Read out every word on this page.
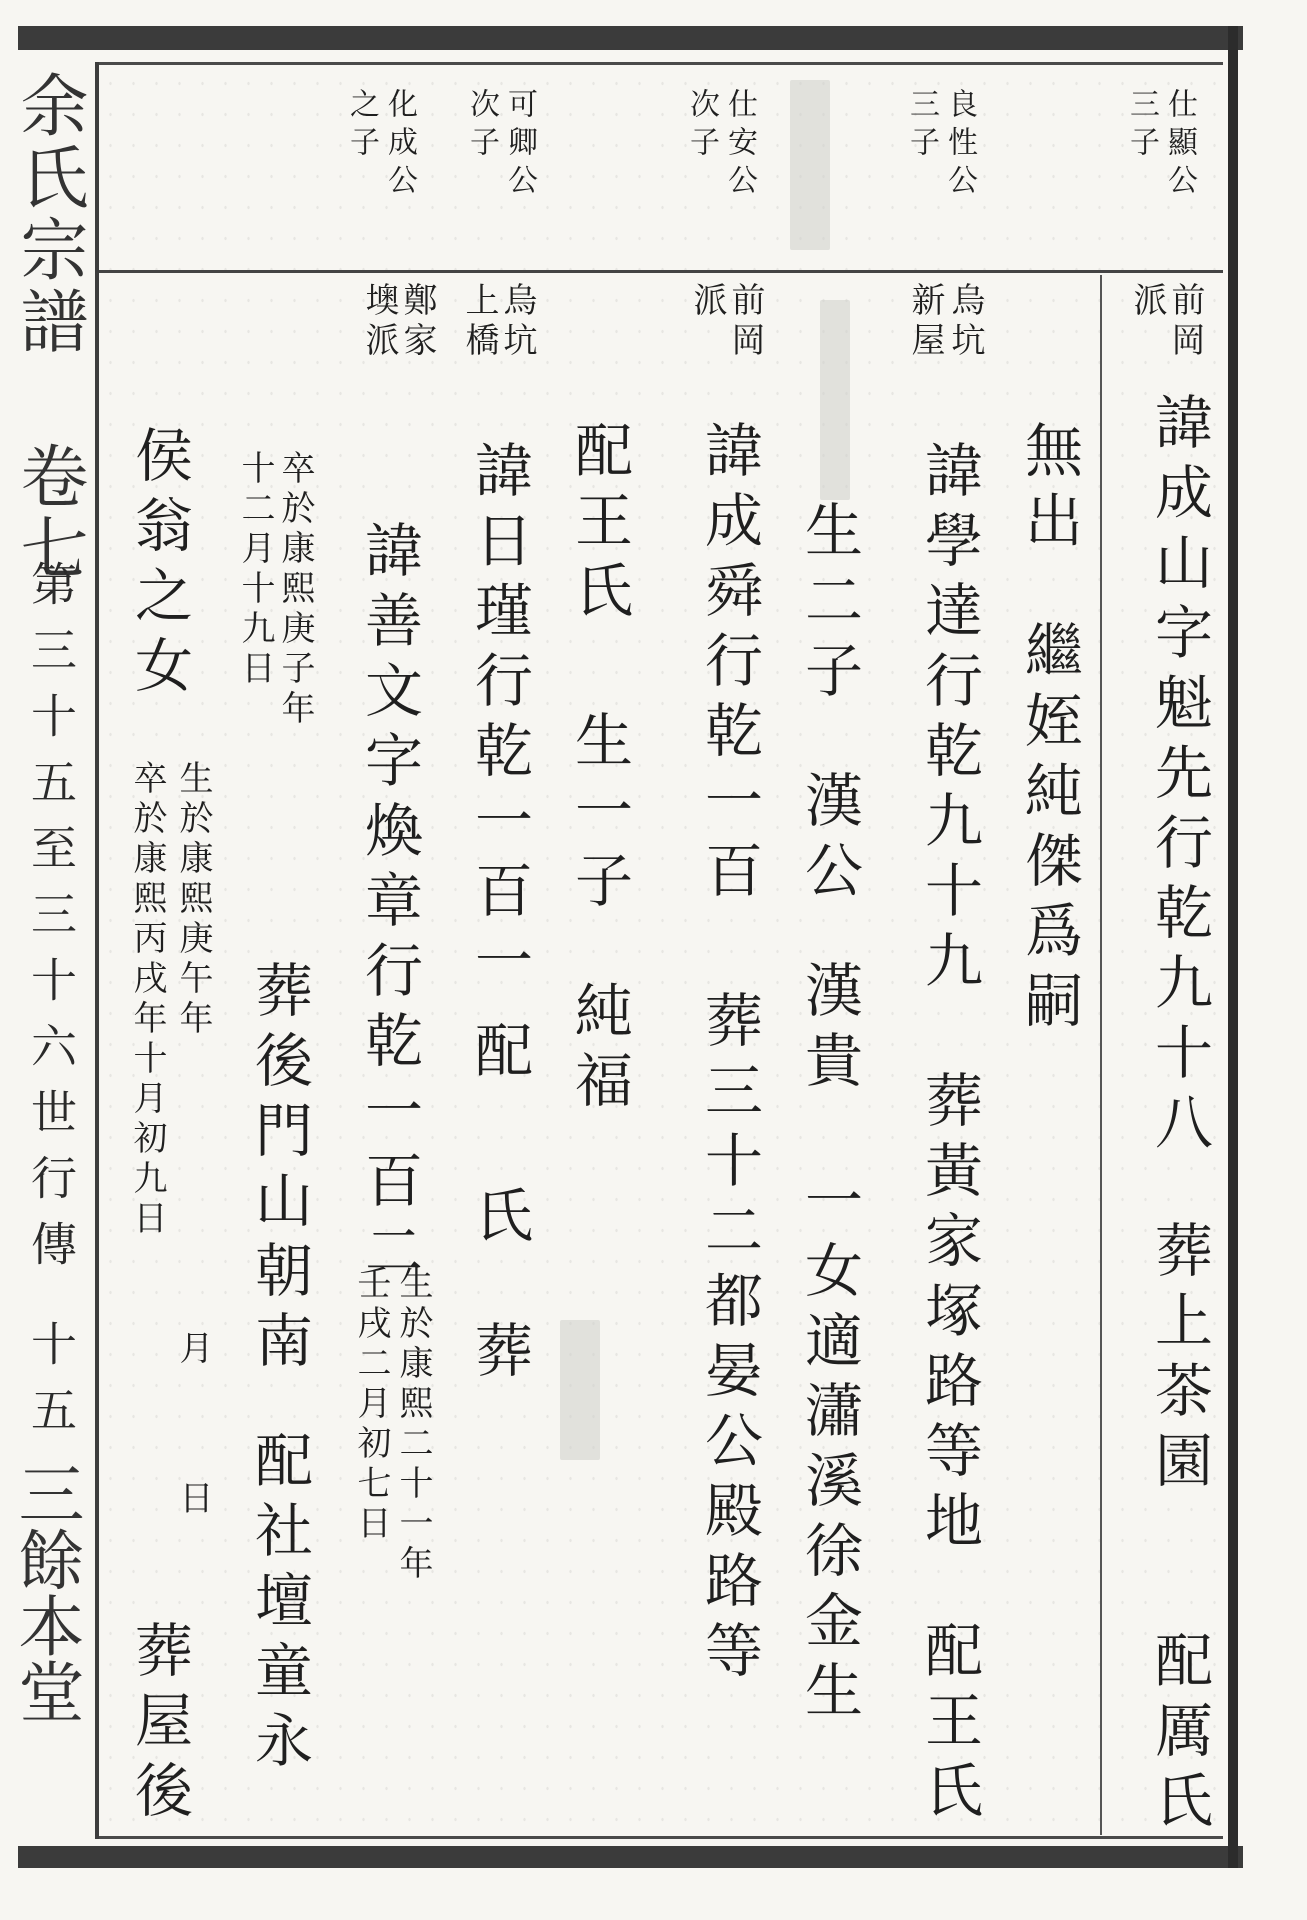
余氏宗譜 卷七
第三十五至三十六世行傳
十五
三餘本堂
仕顯公
三子
良性公
三子
仕安公
次子
可卿公
次子
化成公
之子
前岡
派
諱成山字魁先行乾九十八
葬上茶園
配厲氏
無出
繼姪純傑爲嗣
烏坑
新屋
諱學達行乾九十九
葬黃家塚路等地
配王氏
生二子
漢公
漢貴
一女適瀟溪徐金生
前岡
派
諱成舜行乾一百
葬三十二都晏公殿路等
配王氏
生一子
純福
烏坑
上橋
諱日瑾行乾一百一
配
氏
葬
鄭家
墺派
諱善文字煥章行乾一百二
生於康熙二十一年
壬戌二月初七日
卒於康熙庚子年
十二月十九日
葬後門山朝南
配社壇童永
侯翁之女
生於康熙庚午年
月
日
卒於康熙丙戌年十月初九日
葬屋後
